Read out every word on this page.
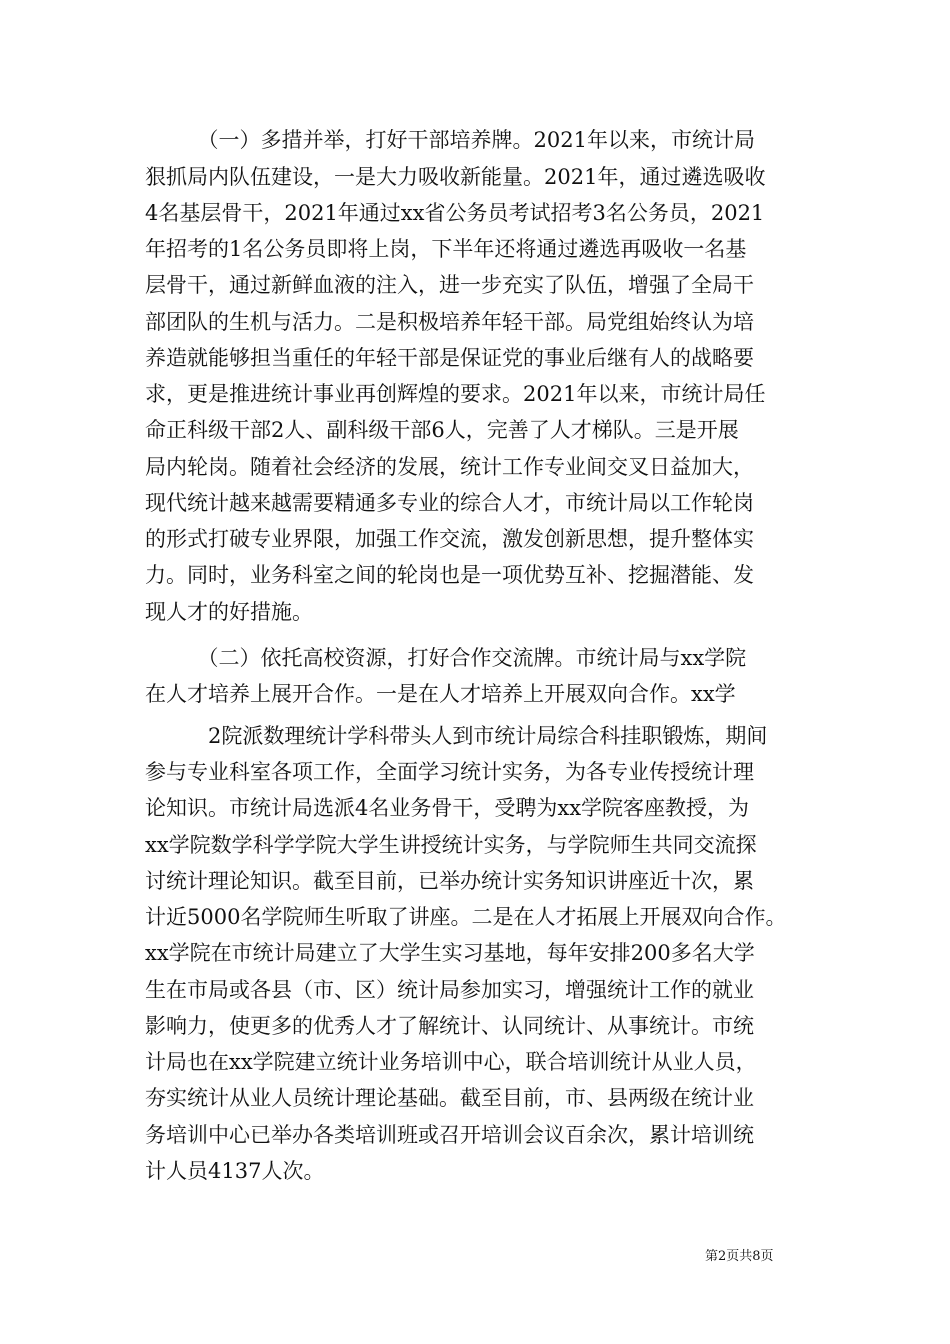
　　　（一）多措并举，打好干部培养牌。2021年以来，市统计局
狠抓局内队伍建设，一是大力吸收新能量。2021年，通过遴选吸收
4名基层骨干，2021年通过xx省公务员考试招考3名公务员，2021
年招考的1名公务员即将上岗，下半年还将通过遴选再吸收一名基
层骨干，通过新鲜血液的注入，进一步充实了队伍，增强了全局干
部团队的生机与活力。二是积极培养年轻干部。局党组始终认为培
养造就能够担当重任的年轻干部是保证党的事业后继有人的战略要
求，更是推进统计事业再创辉煌的要求。2021年以来，市统计局任
命正科级干部2人、副科级干部6人，完善了人才梯队。三是开展
局内轮岗。随着社会经济的发展，统计工作专业间交叉日益加大，
现代统计越来越需要精通多专业的综合人才，市统计局以工作轮岗
的形式打破专业界限，加强工作交流，激发创新思想，提升整体实
力。同时，业务科室之间的轮岗也是一项优势互补、挖掘潜能、发
现人才的好措施。
　　　（二）依托高校资源，打好合作交流牌。市统计局与xx学院
在人才培养上展开合作。一是在人才培养上开展双向合作。xx学
　　　2院派数理统计学科带头人到市统计局综合科挂职锻炼，期间
参与专业科室各项工作，全面学习统计实务，为各专业传授统计理
论知识。市统计局选派4名业务骨干，受聘为xx学院客座教授，为
xx学院数学科学学院大学生讲授统计实务，与学院师生共同交流探
讨统计理论知识。截至目前，已举办统计实务知识讲座近十次，累
计近5000名学院师生听取了讲座。二是在人才拓展上开展双向合作。
xx学院在市统计局建立了大学生实习基地，每年安排200多名大学
生在市局或各县（市、区）统计局参加实习，增强统计工作的就业
影响力，使更多的优秀人才了解统计、认同统计、从事统计。市统
计局也在xx学院建立统计业务培训中心，联合培训统计从业人员，
夯实统计从业人员统计理论基础。截至目前，市、县两级在统计业
务培训中心已举办各类培训班或召开培训会议百余次，累计培训统
计人员4137人次。
第2页共8页
